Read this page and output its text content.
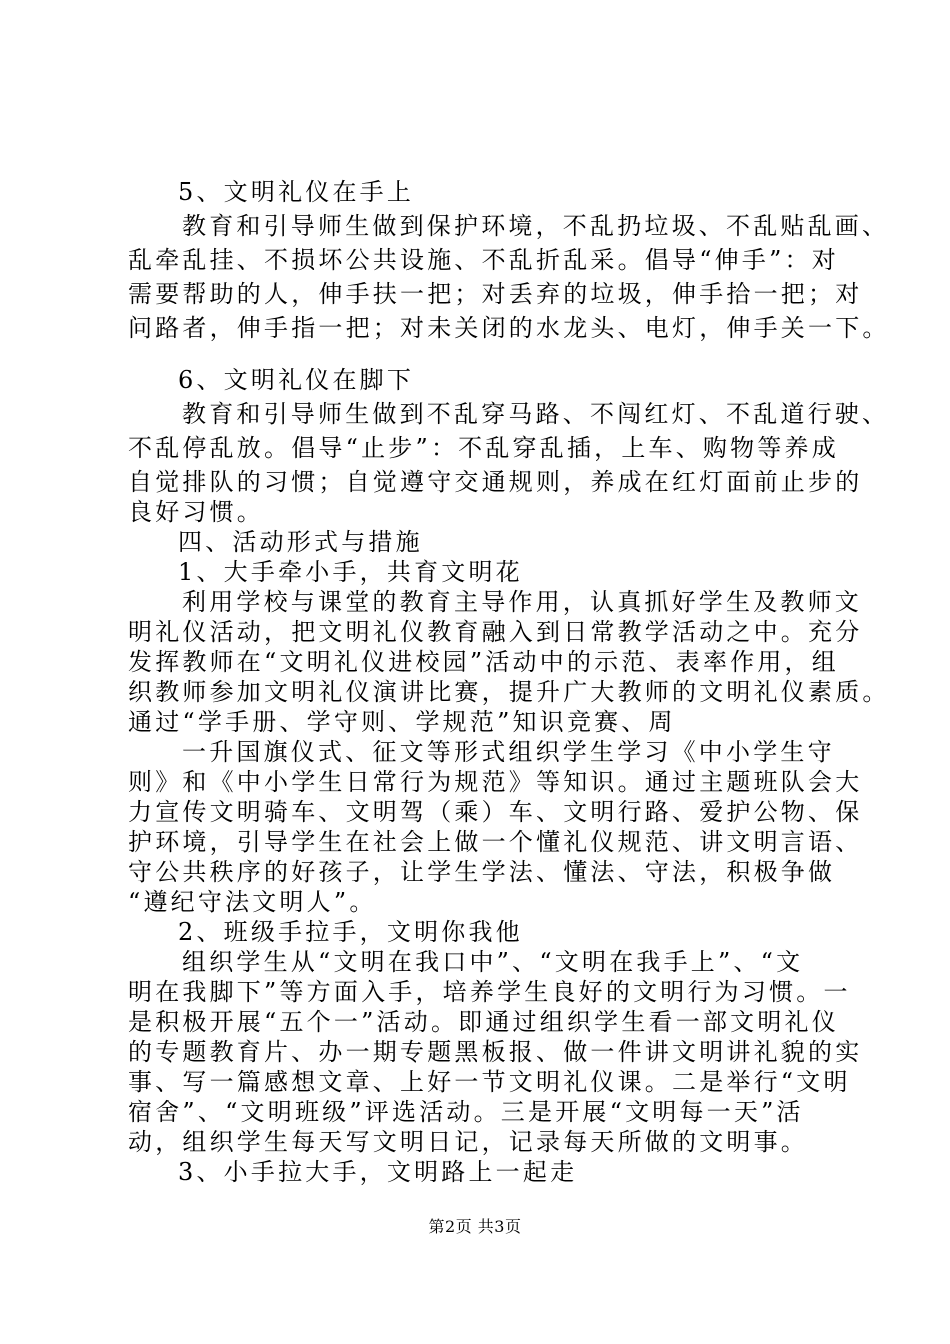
5、文明礼仪在手上
教育和引导师生做到保护环境，不乱扔垃圾、不乱贴乱画、
乱牵乱挂、不损坏公共设施、不乱折乱采。倡导“伸手”：对
需要帮助的人，伸手扶一把；对丢弃的垃圾，伸手拾一把；对
问路者，伸手指一把；对未关闭的水龙头、电灯，伸手关一下。
6、文明礼仪在脚下
教育和引导师生做到不乱穿马路、不闯红灯、不乱道行驶、
不乱停乱放。倡导“止步”：不乱穿乱插，上车、购物等养成
自觉排队的习惯；自觉遵守交通规则，养成在红灯面前止步的
良好习惯。
四、活动形式与措施
1、大手牵小手，共育文明花
利用学校与课堂的教育主导作用，认真抓好学生及教师文
明礼仪活动，把文明礼仪教育融入到日常教学活动之中。充分
发挥教师在“文明礼仪进校园”活动中的示范、表率作用，组
织教师参加文明礼仪演讲比赛，提升广大教师的文明礼仪素质。
通过“学手册、学守则、学规范”知识竞赛、周
一升国旗仪式、征文等形式组织学生学习《中小学生守
则》和《中小学生日常行为规范》等知识。通过主题班队会大
力宣传文明骑车、文明驾（乘）车、文明行路、爱护公物、保
护环境，引导学生在社会上做一个懂礼仪规范、讲文明言语、
守公共秩序的好孩子，让学生学法、懂法、守法，积极争做
“遵纪守法文明人”。
2、班级手拉手，文明你我他
组织学生从“文明在我口中”、“文明在我手上”、“文
明在我脚下”等方面入手，培养学生良好的文明行为习惯。一
是积极开展“五个一”活动。即通过组织学生看一部文明礼仪
的专题教育片、办一期专题黑板报、做一件讲文明讲礼貌的实
事、写一篇感想文章、上好一节文明礼仪课。二是举行“文明
宿舍”、“文明班级”评选活动。三是开展“文明每一天”活
动，组织学生每天写文明日记，记录每天所做的文明事。
3、小手拉大手，文明路上一起走
第2页 共3页
